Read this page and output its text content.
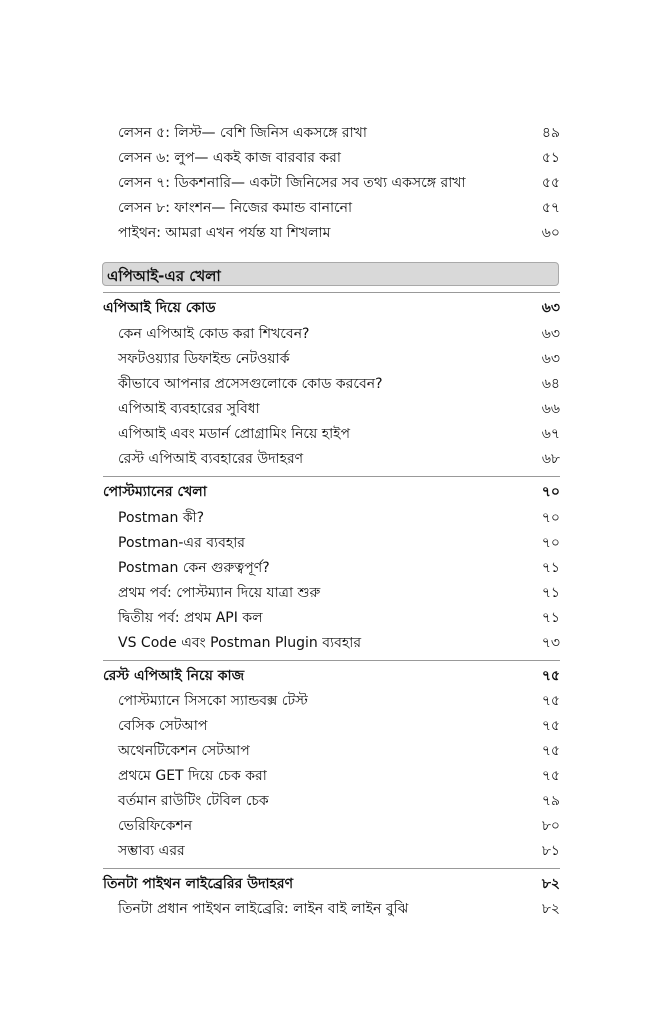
লেসন ৫: লিস্ট— বেশি জিনিস একসঙ্গে রাখা	৪৯
লেসন ৬: লুপ— একই কাজ বারবার করা	৫১
লেসন ৭: ডিকশনারি— একটা জিনিসের সব তথ্য একসঙ্গে রাখা	৫৫
লেসন ৮: ফাংশন— নিজের কমান্ড বানানো	৫৭
পাইথন: আমরা এখন পর্যন্ত যা শিখলাম	৬০
এপিআই-এর খেলা
এপিআই দিয়ে কোড	৬৩
কেন এপিআই কোড করা শিখবেন?	৬৩
সফটওয়্যার ডিফাইন্ড নেটওয়ার্ক	৬৩
কীভাবে আপনার প্রসেসগুলোকে কোড করবেন?	৬৪
এপিআই ব্যবহারের সুবিধা	৬৬
এপিআই এবং মডার্ন প্রোগ্রামিং নিয়ে হাইপ	৬৭
রেস্ট এপিআই ব্যবহারের উদাহরণ	৬৮
পোস্টম্যানের খেলা	৭০
Postman কী?	৭০
Postman-এর ব্যবহার	৭০
Postman কেন গুরুত্বপূর্ণ?	৭১
প্রথম পর্ব: পোস্টম্যান দিয়ে যাত্রা শুরু	৭১
দ্বিতীয় পর্ব: প্রথম API কল	৭১
VS Code এবং Postman Plugin ব্যবহার	৭৩
রেস্ট এপিআই নিয়ে কাজ	৭৫
পোস্টম্যানে সিসকো স্যান্ডবক্স টেস্ট	৭৫
বেসিক সেটআপ	৭৫
অথেনটিকেশন সেটআপ	৭৫
প্রথমে GET দিয়ে চেক করা	৭৫
বর্তমান রাউটিং টেবিল চেক	৭৯
ভেরিফিকেশন	৮০
সম্ভাব্য এরর	৮১
তিনটা পাইথন লাইব্রেরির উদাহরণ	৮২
তিনটা প্রধান পাইথন লাইব্রেরি: লাইন বাই লাইন বুঝি	৮২
